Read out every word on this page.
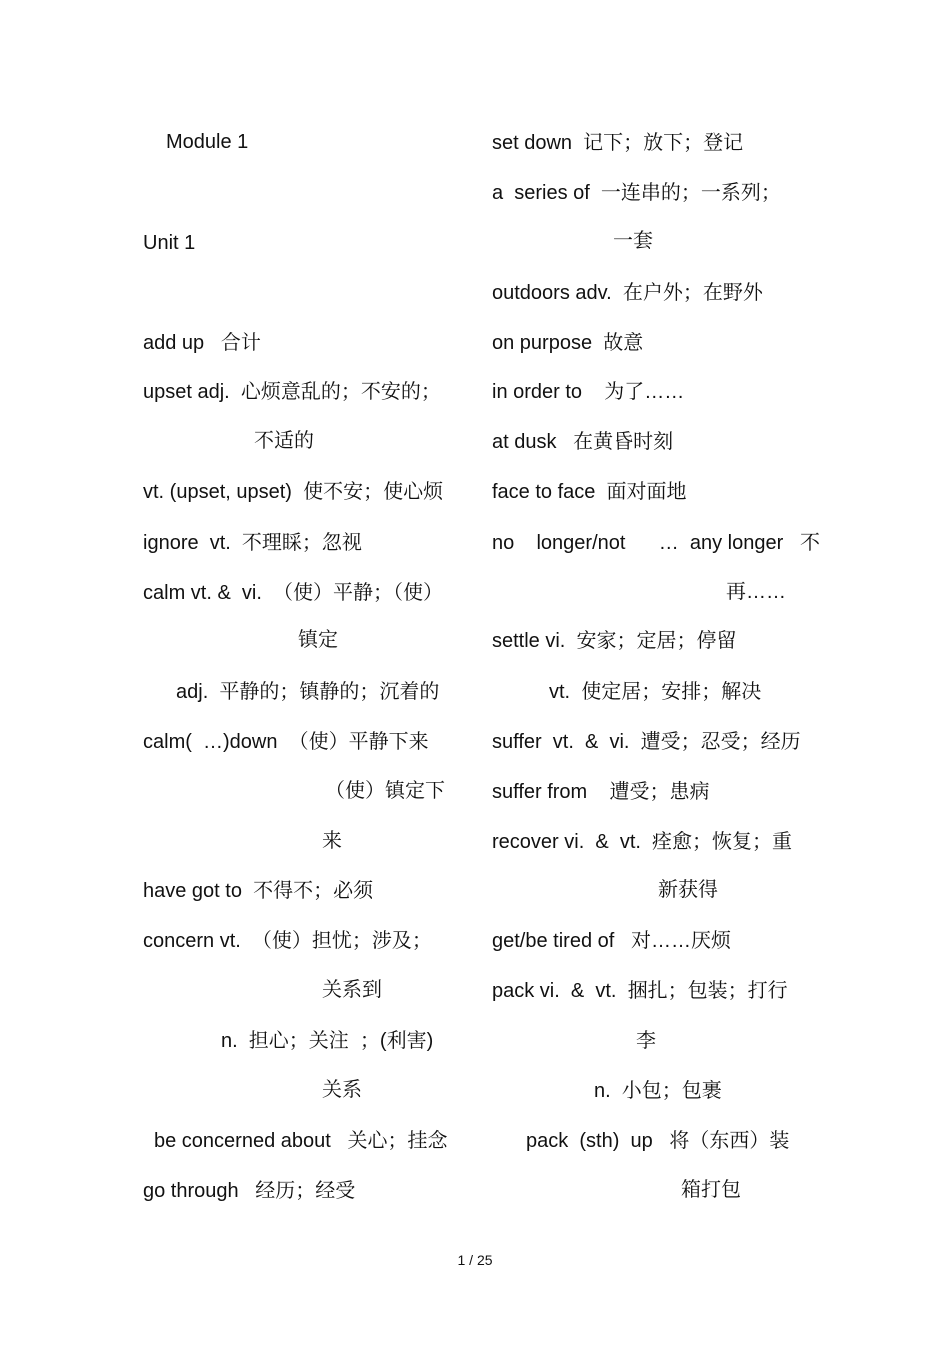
Module 1
Unit 1
add up   合计
upset adj.  心烦意乱的；不安的；
不适的
vt. (upset, upset)  使不安；使心烦
ignore  vt.  不理睬；忽视
calm vt. &  vi.  （使）平静；（使）
镇定
adj.  平静的；镇静的；沉着的
calm(  …)down  （使）平静下来
（使）镇定下
来
have got to  不得不；必须
concern vt.  （使）担忧；涉及；
关系到
n.  担心；关注  ；(利害)
关系
be concerned about   关心；挂念
go through   经历；经受
set down  记下；放下；登记
a  series of  一连串的；一系列；
一套
outdoors adv.  在户外；在野外
on purpose  故意
in order to    为了……
at dusk   在黄昏时刻
face to face  面对面地
no    longer/not      …  any longer   不
再……
settle vi.  安家；定居；停留
vt.  使定居；安排；解决
suffer  vt.  &  vi.  遭受；忍受；经历
suffer from    遭受；患病
recover vi.  &  vt.  痊愈；恢复；重
新获得
get/be tired of   对……厌烦
pack vi.  &  vt.  捆扎；包装；打行
李
n.  小包；包裹
pack  (sth)  up   将（东西）装
箱打包
1 / 25
